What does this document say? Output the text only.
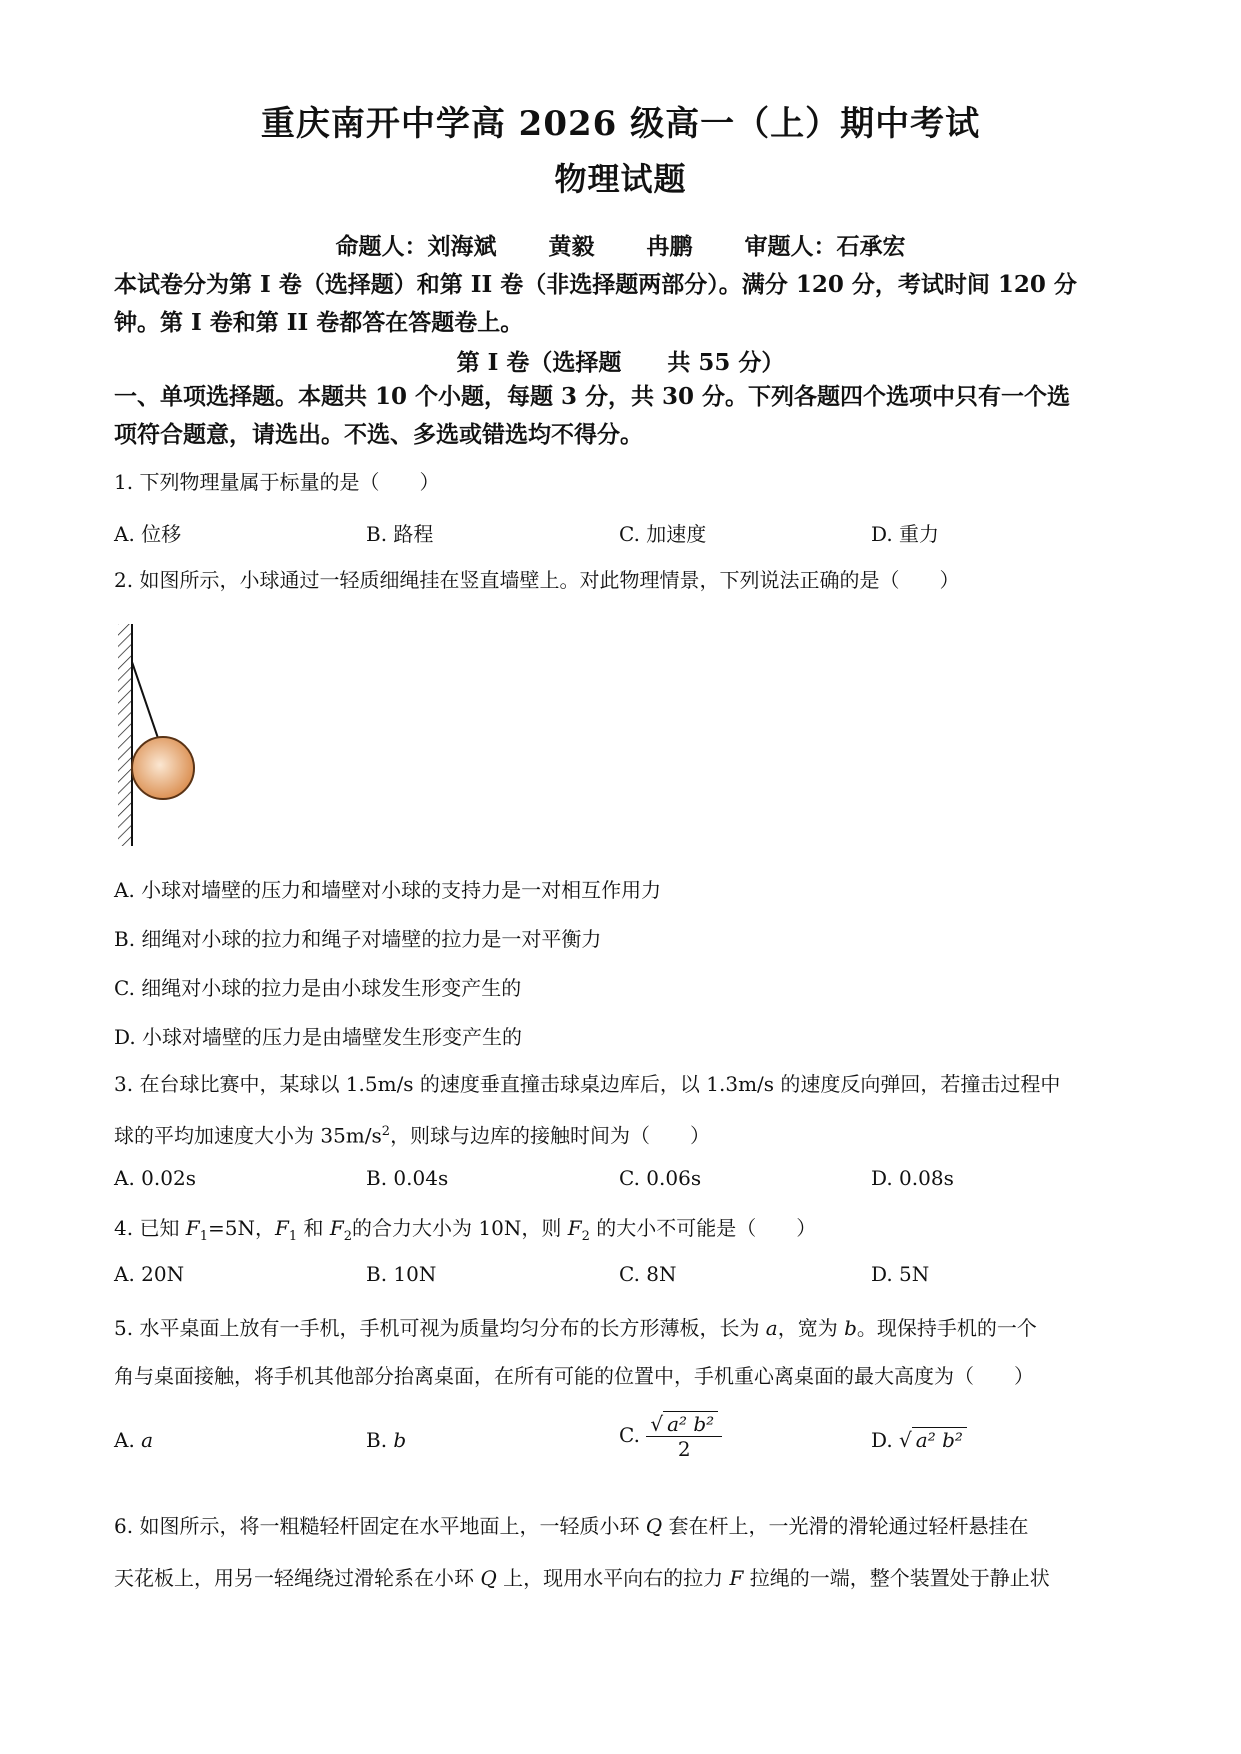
重庆南开中学高 2026 级高一（上）期中考试
物理试题
命题人：刘海斌 黄毅 冉鹏 审题人：石承宏
本试卷分为第 I 卷（选择题）和第 II 卷（非选择题两部分）。满分 120 分，考试时间 120 分
钟。第 I 卷和第 II 卷都答在答题卷上。
第 I 卷（选择题　　共 55 分）
一、单项选择题。本题共 10 个小题，每题 3 分，共 30 分。下列各题四个选项中只有一个选
项符合题意，请选出。不选、多选或错选均不得分。
1. 下列物理量属于标量的是（　　）
A. 位移	B. 路程	C. 加速度	D. 重力
2. 如图所示，小球通过一轻质细绳挂在竖直墙壁上。对此物理情景，下列说法正确的是（　　）
A. 小球对墙壁的压力和墙壁对小球的支持力是一对相互作用力
B. 细绳对小球的拉力和绳子对墙壁的拉力是一对平衡力
C. 细绳对小球的拉力是由小球发生形变产生的
D. 小球对墙壁的压力是由墙壁发生形变产生的
3. 在台球比赛中，某球以 1.5m/s 的速度垂直撞击球桌边库后，以 1.3m/s 的速度反向弹回，若撞击过程中
球的平均加速度大小为 $35m/s^2$，则球与边库的接触时间为（　　）
A. 0.02s	B. 0.04s	C. 0.06s	D. 0.08s
4. 已知 $F_1=5N$，$F_1$ 和 $F_2$的合力大小为 10N，则 $F_2$ 的大小不可能是（　　）
A. 20N	B. 10N	C. 8N	D. 5N
5. 水平桌面上放有一手机，手机可视为质量均匀分布的长方形薄板，长为 a，宽为 b。现保持手机的一个
角与桌面接触，将手机其他部分抬离桌面，在所有可能的位置中，手机重心离桌面的最大高度为（　　）
A. a	B. b	C. $\frac{\text{√ a² b²}}{2}$	D. √ a² b²
6. 如图所示，将一粗糙轻杆固定在水平地面上，一轻质小环 Q 套在杆上，一光滑的滑轮通过轻杆悬挂在
天花板上，用另一轻绳绕过滑轮系在小环 Q 上，现用水平向右的拉力 F 拉绳的一端，整个装置处于静止状
